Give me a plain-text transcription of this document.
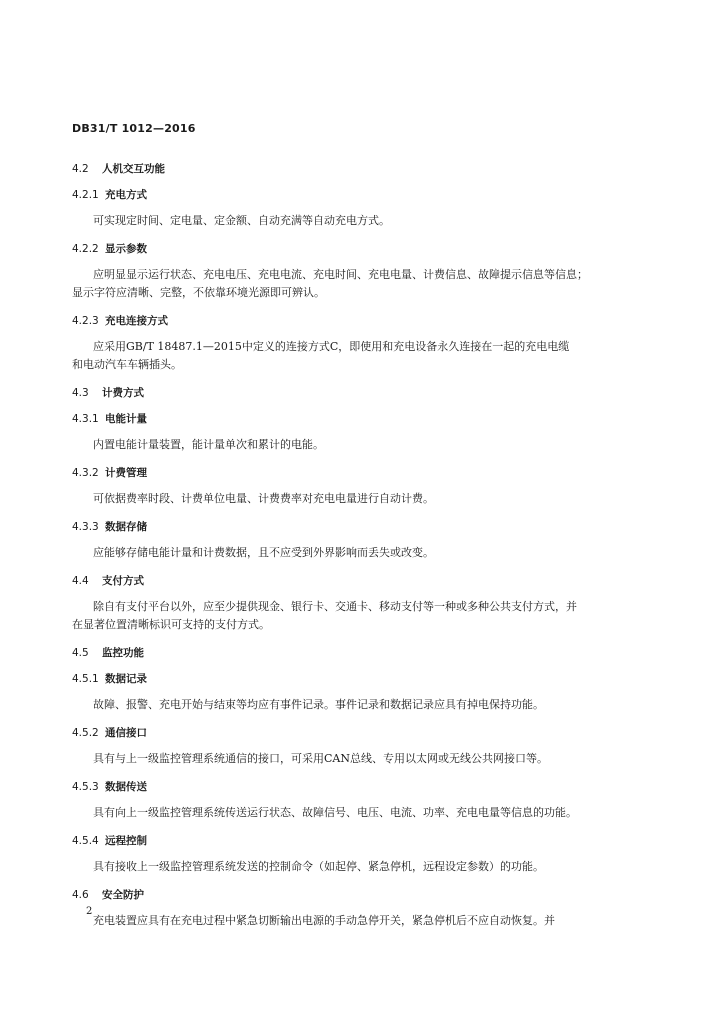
DB31/T 1012—2016
4.2 人机交互功能
4.2.1 充电方式
可实现定时间、定电量、定金额、自动充满等自动充电方式。
4.2.2 显示参数
应明显显示运行状态、充电电压、充电电流、充电时间、充电电量、计费信息、故障提示信息等信息；
显示字符应清晰、完整，不依靠环境光源即可辨认。
4.2.3 充电连接方式
应采用GB/T 18487.1—2015中定义的连接方式C，即使用和充电设备永久连接在一起的充电电缆
和电动汽车车辆插头。
4.3 计费方式
4.3.1 电能计量
内置电能计量装置，能计量单次和累计的电能。
4.3.2 计费管理
可依据费率时段、计费单位电量、计费费率对充电电量进行自动计费。
4.3.3 数据存储
应能够存储电能计量和计费数据，且不应受到外界影响而丢失或改变。
4.4 支付方式
除自有支付平台以外，应至少提供现金、银行卡、交通卡、移动支付等一种或多种公共支付方式，并
在显著位置清晰标识可支持的支付方式。
4.5 监控功能
4.5.1 数据记录
故障、报警、充电开始与结束等均应有事件记录。事件记录和数据记录应具有掉电保持功能。
4.5.2 通信接口
具有与上一级监控管理系统通信的接口，可采用CAN总线、专用以太网或无线公共网接口等。
4.5.3 数据传送
具有向上一级监控管理系统传送运行状态、故障信号、电压、电流、功率、充电电量等信息的功能。
4.5.4 远程控制
具有接收上一级监控管理系统发送的控制命令（如起停、紧急停机，远程设定参数）的功能。
4.6 安全防护
充电装置应具有在充电过程中紧急切断输出电源的手动急停开关，紧急停机后不应自动恢复。并
2
